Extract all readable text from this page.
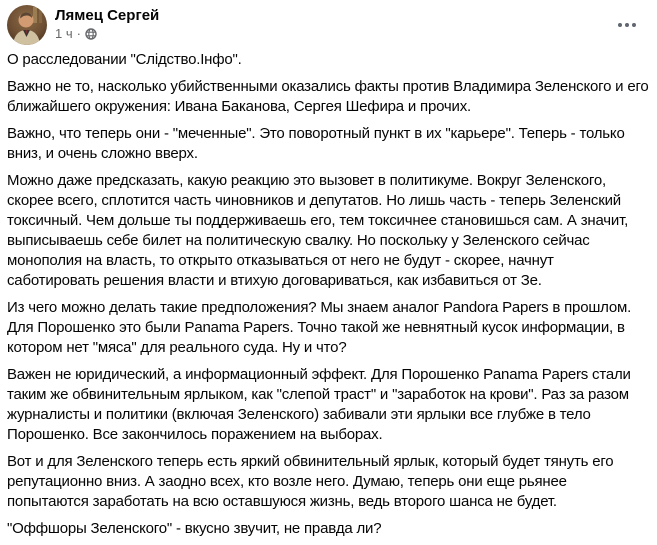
Лямец Сергей
1 ч ·

О расследовании "Слідство.Інфо".

Важно не то, насколько убийственными оказались факты против Владимира Зеленского и его ближайшего окружения: Ивана Баканова, Сергея Шефира и прочих.

Важно, что теперь они - "меченные". Это поворотный пункт в их "карьере". Теперь - только вниз, и очень сложно вверх.

Можно даже предсказать, какую реакцию это вызовет в политикуме. Вокруг Зеленского, скорее всего, сплотится часть чиновников и депутатов. Но лишь часть - теперь Зеленский токсичный. Чем дольше ты поддерживаешь его, тем токсичнее становишься сам. А значит, выписываешь себе билет на политическую свалку. Но поскольку у Зеленского сейчас монополия на власть, то открыто отказываться от него не будут - скорее, начнут саботировать решения власти и втихую договариваться, как избавиться от Зе.

Из чего можно делать такие предположения? Мы знаем аналог Pandora Papers в прошлом. Для Порошенко это были Panama Papers. Точно такой же невнятный кусок информации, в котором нет "мяса" для реального суда. Ну и что?

Важен не юридический, а информационный эффект. Для Порошенко Panama Papers стали таким же обвинительным ярлыком, как "слепой траст" и "заработок на крови". Раз за разом журналисты и политики (включая Зеленского) забивали эти ярлыки все глубже в тело Порошенко. Все закончилось поражением на выборах.

Вот и для Зеленского теперь есть яркий обвинительный ярлык, который будет тянуть его репутационно вниз. А заодно всех, кто возле него. Думаю, теперь они еще рьянее попытаются заработать на всю оставшуюся жизнь, ведь второго шанса не будет.

"Оффшоры Зеленского" - вкусно звучит, не правда ли?
